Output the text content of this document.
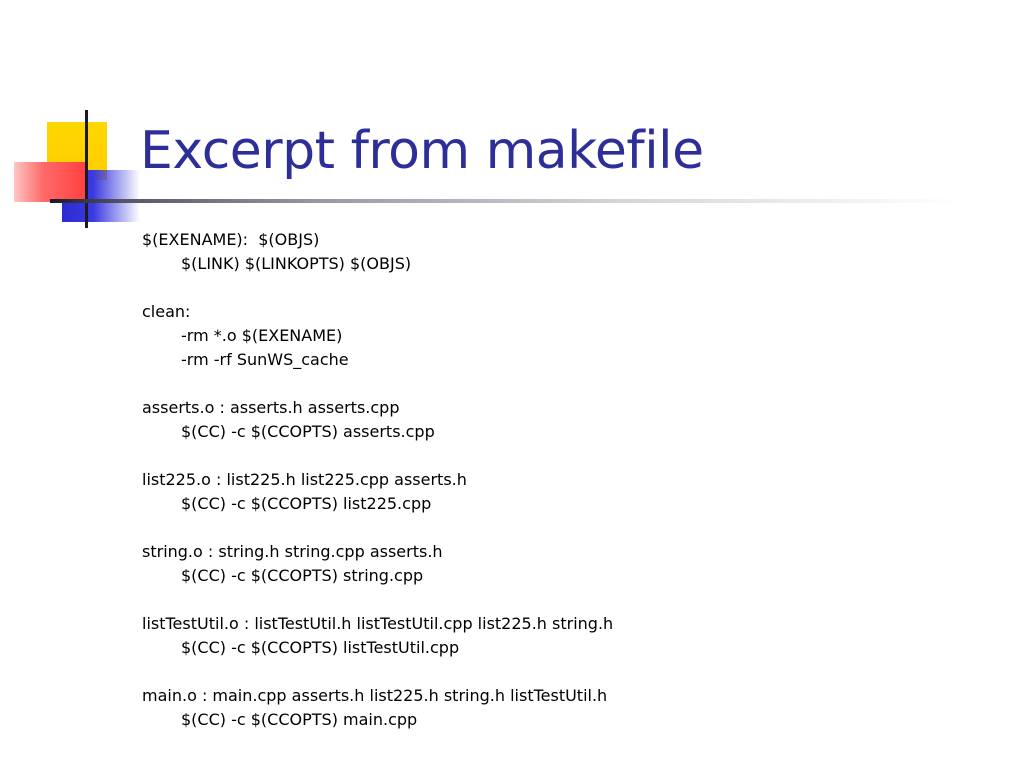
Excerpt from makefile
$(EXENAME):  $(OBJS)
$(LINK) $(LINKOPTS) $(OBJS)
clean:
-rm *.o $(EXENAME)
-rm -rf SunWS_cache
asserts.o : asserts.h asserts.cpp
$(CC) -c $(CCOPTS) asserts.cpp
list225.o : list225.h list225.cpp asserts.h
$(CC) -c $(CCOPTS) list225.cpp
string.o : string.h string.cpp asserts.h
$(CC) -c $(CCOPTS) string.cpp
listTestUtil.o : listTestUtil.h listTestUtil.cpp list225.h string.h
$(CC) -c $(CCOPTS) listTestUtil.cpp
main.o : main.cpp asserts.h list225.h string.h listTestUtil.h
$(CC) -c $(CCOPTS) main.cpp
